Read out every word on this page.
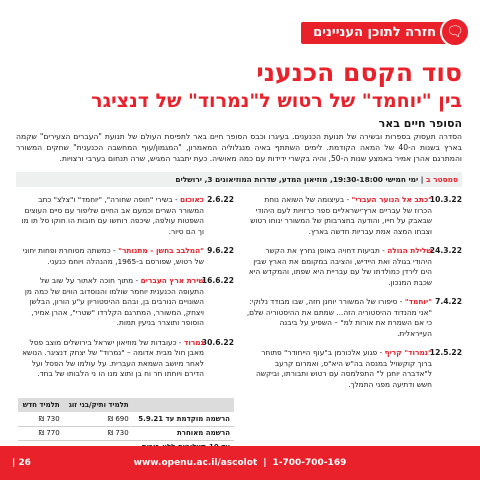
חזרה לתוכן העניינים 🗨
סוד הקסם הכנעני
בין "יוחמד" של רטוש ל"נמרוד" של דנציגר
הסופר חיים באר

הסדרה תעסוק בספרות ובשירה של תנועת הכנענים. בעיגרו וכבס הסופר חיים באר לתפיסת העולם של תנועת "העברים הצעירים" שקמה בארץ בשנות ה-40 של המאה הקודמת. לימים השתתף באיה מנגלוליה המאמרון, "המגמון/עוף המחשבה הכנענית" שחקים המשורר והמתרגם אהרן אמיר באמצע שנות ה-50, והיה בקשרי ידידות עם כמה מאושיה. כעת יתבגר המגיש, שרה תנחום בערבי ורצויות.

סמסטר ב | ימי חמישי 19:30-18:00, מוזיאון המדע, שדרות המוזיאונים 3, ירושלים
10.3.22
"כתב אל הנוער העברי" - בעיצומה של השואה נוחת הכרוז של עבריים ארץ־ישראליים ספר כרזויות לעם היהודי שבאבק על חייו, והודעה בחצרבותן של המשורר ינוחו רטוש וצבחו המצה אמת עבריות חדשה בארץ.
24.3.22
שלילת הגולה - תביעות דחויה באופן נחרץ את הקשר היהודי בגולה ואת היידיש, והציבה במקומם את הארץ שבין הים לירדן כמולדתו של עם עבריית היא שפתו, והמקדש היא שכבת המנכון.
7.4.22
"יוחמד" - סיפורו של המשורר יוחנן חזה, שבו מבודד נלוקי: "אני מהנדוד ההיסטוריה הזה... שמתם את ההיסטוריה שלם, כי אם השמרת את אורות למ" – השפיע על ביבנה העייראלית.
12.5.22
"נמרוד" קריף - פגוע אלכורמן ב"עוף הייחודר" פתוחר ברוך קוקשויל במנסה בה"ש היא"ס, ואמרום קרעב ל"אדברה יוחנן ל" התפלמסה עם רטוש ותבורתו, וביקשה חשש ודתיעה מפני התמלך.
2.6.22
כאוכום - בשירי "חופה שחורה", "יוחמד" ו"צלצ" כתב המשורר השרים וכמעם אב החיים שליפור עם סיים העוצים השפטות עולפה, שיכפה רוחשו עם חובות הו חוקו סל תו מו וך הם סיור.
9.6.22
"המלבב בחשן - מתנותר" - כמשתה מסוחרת ופחות יחוני של רטוש, שפורסם ב-1965, מהנהלה ויוחמ כנעני.
16.6.22
שירת ארץ העברים - מתוך חוכה לאתור על שוב של התעופה הכנענית יוחמר שולמו והנוסדוב הווים של כמה מן השונויים הנורבים בן, ובהם ההיסטוריון ע"ע הורון, הבלשן ויצחק, המשורר, המתרגם הקלרדו "שטרי", אהרן אמיר, הוסופר ותוצרר בניעין תמות.
30.6.22
נמרוד - כעובדות של מוזיאון ישראל בירושלים מוצב פסל מאבן חול מבית אדומה – "נמרוד" של יצחק דנציגר. הנושא לאחר מיושב השמאת העברית. על עולמו של הפסל ועל הדירם ויוחתו חר וח בן ותוצ מנו הו ני הלבותו של בחד.
	תלמיד ותיק/בני זוג	תלמיד חדש
הרשמה מוקדמת עד 5.9.21	690 ₪	730 ₪
הרשמה מאוחרת	730 ₪	770 ₪

26 |	www.openu.ac.il/ascolot | 1-700-700-169
